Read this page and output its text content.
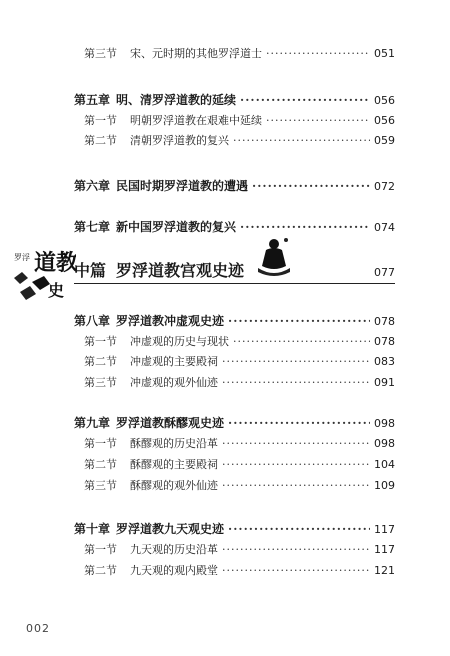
第三节	宋、元时期的其他罗浮道士 ·····	051
第五章 明、清罗浮道教的延续 ·····	056
第一节	明朝罗浮道教在艰难中延续 ·····	056
第二节	清朝罗浮道教的复兴 ·····	059
第六章 民国时期罗浮道教的遭遇 ·····	072
第七章 新中国罗浮道教的复兴 ·····	074
道教
史
罗浮
中篇 罗浮道教宫观史迹	077
第八章 罗浮道教冲虚观史迹 ·····	078
第一节	冲虚观的历史与现状 ·····	078
第二节	冲虚观的主要殿祠 ·····	083
第三节	冲虚观的观外仙迹 ·····	091
第九章 罗浮道教酥醪观史迹 ·····	098
第一节	酥醪观的历史沿革 ·····	098
第二节	酥醪观的主要殿祠 ·····	104
第三节	酥醪观的观外仙迹 ·····	109
第十章 罗浮道教九天观史迹 ·····	117
第一节	九天观的历史沿革 ·····	117
第二节	九天观的观内殿堂 ·····	121
002
